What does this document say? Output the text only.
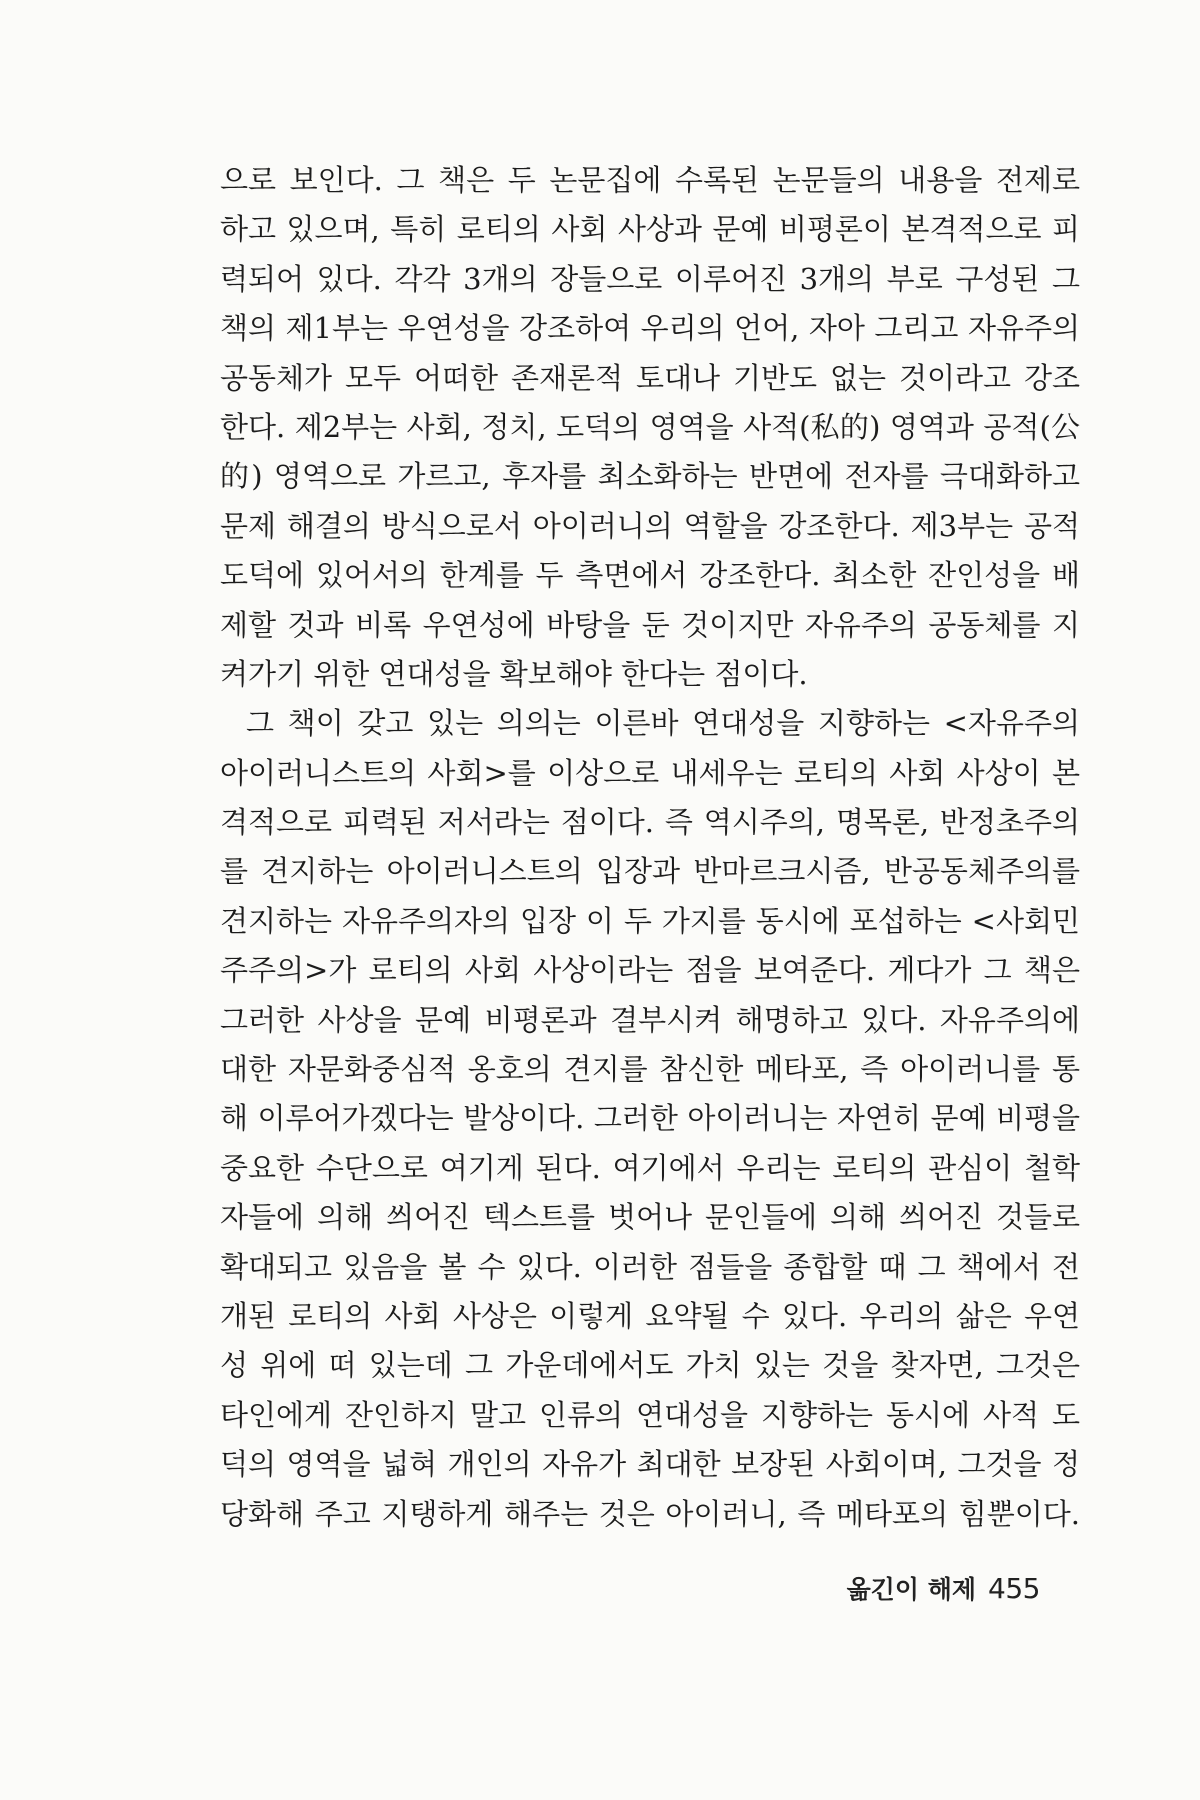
으로 보인다. 그 책은 두 논문집에 수록된 논문들의 내용을 전제로
하고 있으며, 특히 로티의 사회 사상과 문예 비평론이 본격적으로 피
력되어 있다. 각각 3개의 장들으로 이루어진 3개의 부로 구성된 그
책의 제1부는 우연성을 강조하여 우리의 언어, 자아 그리고 자유주의
공동체가 모두 어떠한 존재론적 토대나 기반도 없는 것이라고 강조
한다. 제2부는 사회, 정치, 도덕의 영역을 사적(私的) 영역과 공적(公
的) 영역으로 가르고, 후자를 최소화하는 반면에 전자를 극대화하고
문제 해결의 방식으로서 아이러니의 역할을 강조한다. 제3부는 공적
도덕에 있어서의 한계를 두 측면에서 강조한다. 최소한 잔인성을 배
제할 것과 비록 우연성에 바탕을 둔 것이지만 자유주의 공동체를 지
켜가기 위한 연대성을 확보해야 한다는 점이다.
그 책이 갖고 있는 의의는 이른바 연대성을 지향하는 <자유주의
아이러니스트의 사회>를 이상으로 내세우는 로티의 사회 사상이 본
격적으로 피력된 저서라는 점이다. 즉 역시주의, 명목론, 반정초주의
를 견지하는 아이러니스트의 입장과 반마르크시즘, 반공동체주의를
견지하는 자유주의자의 입장 이 두 가지를 동시에 포섭하는 <사회민
주주의>가 로티의 사회 사상이라는 점을 보여준다. 게다가 그 책은
그러한 사상을 문예 비평론과 결부시켜 해명하고 있다. 자유주의에
대한 자문화중심적 옹호의 견지를 참신한 메타포, 즉 아이러니를 통
해 이루어가겠다는 발상이다. 그러한 아이러니는 자연히 문예 비평을
중요한 수단으로 여기게 된다. 여기에서 우리는 로티의 관심이 철학
자들에 의해 씌어진 텍스트를 벗어나 문인들에 의해 씌어진 것들로
확대되고 있음을 볼 수 있다. 이러한 점들을 종합할 때 그 책에서 전
개된 로티의 사회 사상은 이렇게 요약될 수 있다. 우리의 삶은 우연
성 위에 떠 있는데 그 가운데에서도 가치 있는 것을 찾자면, 그것은
타인에게 잔인하지 말고 인류의 연대성을 지향하는 동시에 사적 도
덕의 영역을 넓혀 개인의 자유가 최대한 보장된 사회이며, 그것을 정
당화해 주고 지탱하게 해주는 것은 아이러니, 즉 메타포의 힘뿐이다.
옮긴이 해제 455
